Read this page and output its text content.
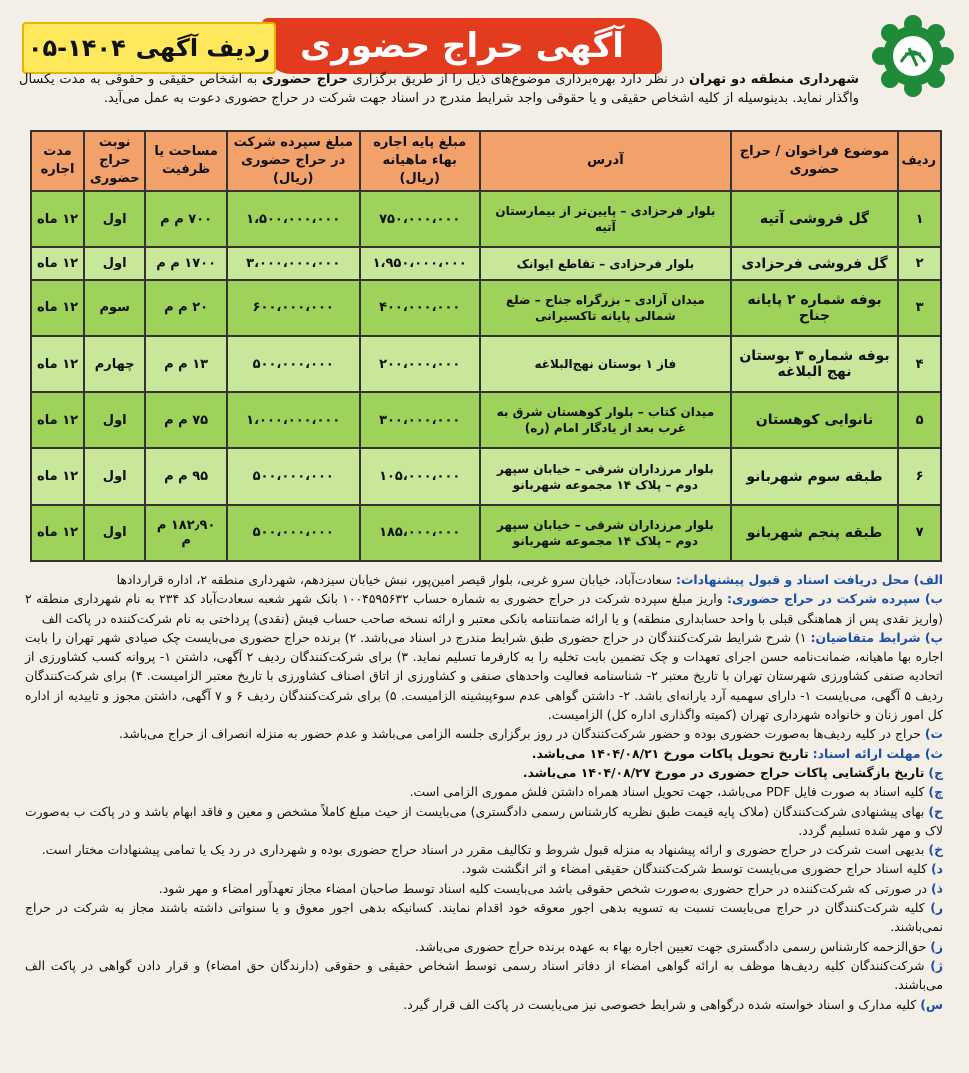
آگهی حراج حضوری
ردیف آگهی
۰۵-۱۴۰۴
شهرداری منطقه دو تهران در نظر دارد بهره‌برداری موضوع‌های ذیل را از طریق برگزاری حراج حضوری به اشخاص حقیقی و حقوقی به مدت یکسال واگذار نماید. بدینوسیله از کلیه اشخاص حقیقی و یا حقوقی واجد شرایط مندرج در اسناد جهت شرکت در حراج حضوری دعوت به عمل می‌آید.
ردیف	موضوع فراخوان / حراج حضوری	آدرس	مبلغ پایه اجاره بهاء ماهیانه (ریال)	مبلغ سپرده شرکت در حراج حضوری (ریال)	مساحت یا ظرفیت	نوبت حراج حضوری	مدت اجاره
۱	گل فروشی آتیه	بلوار فرحزادی – پایین‌تر از بیمارستان آتیه	۷۵۰،۰۰۰،۰۰۰	۱،۵۰۰،۰۰۰،۰۰۰	۷۰۰ م م	اول	۱۲ ماه
۲	گل فروشی فرحزادی	بلوار فرحزادی – تقاطع ایوانک	۱،۹۵۰،۰۰۰،۰۰۰	۳،۰۰۰،۰۰۰،۰۰۰	۱۷۰۰ م م	اول	۱۲ ماه
۳	بوفه شماره ۲ پایانه جناح	میدان آزادی – بزرگراه جناح – ضلع شمالی پایانه تاکسیرانی	۴۰۰،۰۰۰،۰۰۰	۶۰۰،۰۰۰،۰۰۰	۲۰ م م	سوم	۱۲ ماه
۴	بوفه شماره ۳ بوستان نهج البلاغه	فاز ۱ بوستان نهج‌البلاغه	۲۰۰،۰۰۰،۰۰۰	۵۰۰،۰۰۰،۰۰۰	۱۳ م م	چهارم	۱۲ ماه
۵	نانوایی کوهستان	میدان کتاب – بلوار کوهستان شرق به غرب بعد از یادگار امام (ره)	۳۰۰،۰۰۰،۰۰۰	۱،۰۰۰،۰۰۰،۰۰۰	۷۵ م م	اول	۱۲ ماه
۶	طبقه سوم شهربانو	بلوار مرزداران شرقی – خیابان سپهر دوم – پلاک ۱۴ مجموعه شهربانو	۱۰۵،۰۰۰،۰۰۰	۵۰۰،۰۰۰،۰۰۰	۹۵ م م	اول	۱۲ ماه
۷	طبقه پنجم شهربانو	بلوار مرزداران شرقی – خیابان سپهر دوم – پلاک ۱۴ مجموعه شهربانو	۱۸۵،۰۰۰،۰۰۰	۵۰۰،۰۰۰،۰۰۰	۱۸۲٫۹۰ م م	اول	۱۲ ماه

الف) محل دریافت اسناد و قبول پیشنهادات: سعادت‌آباد، خیابان سرو غربی، بلوار قیصر امین‌پور، نبش خیابان سیزدهم، شهرداری منطقه ۲، اداره قراردادها

ب) سپرده شرکت در حراج حضوری: واریز مبلغ سپرده شرکت در حراج حضوری به شماره حساب ۱۰۰۴۵۹۵۶۳۲ بانک شهر شعبه سعادت‌آباد کد ۲۳۴ به نام شهرداری منطقه ۲ (واریز نقدی پس از هماهنگی قبلی با واحد حسابداری منطقه) و یا ارائه ضمانتنامه بانکی معتبر و ارائه نسخه صاحب حساب فیش (نقدی) پرداختی به نام شرکت‌کننده در پاکت الف

پ) شرایط متقاضیان: ۱) شرح شرایط شرکت‌کنندگان در حراج حضوری طبق شرایط مندرج در اسناد می‌باشد. ۲) برنده حراج حضوری می‌بایست چک صیادی شهر تهران را بابت اجاره بها ماهیانه، ضمانت‌نامه حسن اجرای تعهدات و چک تضمین بابت تخلیه را به کارفرما تسلیم نماید. ۳) برای شرکت‌کنندگان ردیف ۲ آگهی، داشتن ۱- پروانه کسب کشاورزی از اتحادیه صنفی کشاورزی شهرستان تهران با تاریخ معتبر ۲- شناسنامه فعالیت واحدهای صنفی و کشاورزی از اتاق اصناف کشاورزی با تاریخ معتبر الزامیست. ۴) برای شرکت‌کنندگان ردیف ۵ آگهی، می‌بایست ۱- دارای سهمیه آرد یارانه‌ای باشد. ۲- داشتن گواهی عدم سوءپیشینه الزامیست. ۵) برای شرکت‌کنندگان ردیف ۶ و ۷ آگهی، داشتن مجوز و تاییدیه از اداره کل امور زنان و خانواده شهرداری تهران (کمیته واگذاری اداره کل) الزامیست.

ت) حراج در کلیه ردیف‌ها به‌صورت حضوری بوده و حضور شرکت‌کنندگان در روز برگزاری جلسه الزامی می‌باشد و عدم حضور به منزله انصراف از حراج می‌باشد.

ث) مهلت ارائه اسناد: تاریخ تحویل پاکات مورخ ۱۴۰۴/۰۸/۲۱ می‌باشد.

ج) تاریخ بازگشایی پاکات حراج حضوری در مورخ ۱۴۰۴/۰۸/۲۷ می‌باشد.

چ) کلیه اسناد به صورت فایل PDF می‌باشد، جهت تحویل اسناد همراه داشتن فلش مموری الزامی است.

ح) بهای پیشنهادی شرکت‌کنندگان (ملاک پایه قیمت طبق نظریه کارشناس رسمی دادگستری) می‌بایست از حیث مبلغ کاملاً مشخص و معین و فاقد ابهام باشد و در پاکت ب به‌صورت لاک و مهر شده تسلیم گردد.

خ) بدیهی است شرکت در حراج حضوری و ارائه پیشنهاد به منزله قبول شروط و تکالیف مقرر در اسناد حراج حضوری بوده و شهرداری در رد یک یا تمامی پیشنهادات مختار است.

د) کلیه اسناد حراج حضوری می‌بایست توسط شرکت‌کنندگان حقیقی امضاء و اثر انگشت شود.

ذ) در صورتی که شرکت‌کننده در حراج حضوری به‌صورت شخص حقوقی باشد می‌بایست کلیه اسناد توسط صاحبان امضاء مجاز تعهدآور امضاء و مهر شود.

ر) کلیه شرکت‌کنندگان در حراج می‌بایست نسبت به تسویه بدهی اجور معوقه خود اقدام نمایند. کسانیکه بدهی اجور معوق و یا سنواتی داشته باشند مجاز به شرکت در حراج نمی‌باشند.

ز) حق‌الزحمه کارشناس رسمی دادگستری جهت تعیین اجاره بهاء به عهده برنده حراج حضوری می‌باشد.

ژ) شرکت‌کنندگان کلیه ردیف‌ها موظف به ارائه گواهی امضاء از دفاتر اسناد رسمی توسط اشخاص حقیقی و حقوقی (دارندگان حق امضاء) و قرار دادن گواهی در پاکت الف می‌باشند.

س) کلیه مدارک و اسناد خواسته شده درگواهی و شرایط خصوصی نیز می‌بایست در پاکت الف قرار گیرد.
